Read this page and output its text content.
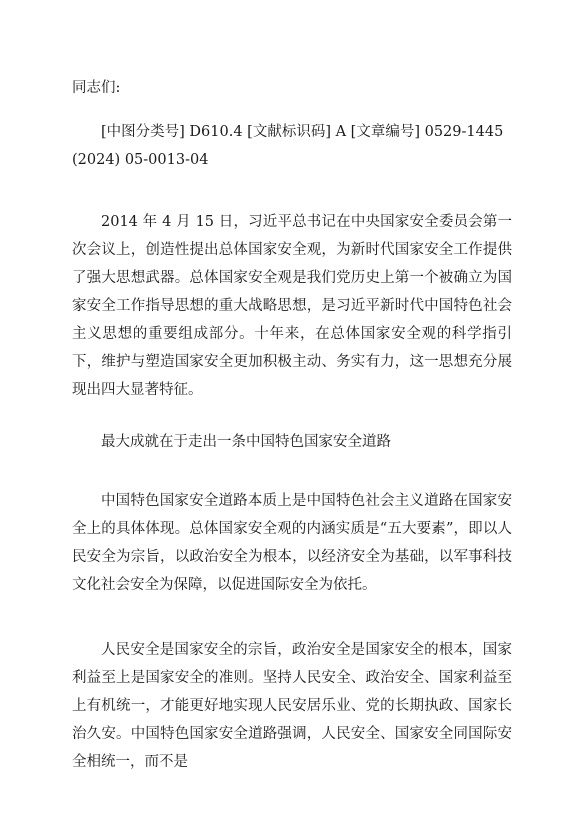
同志们:
[中图分类号] D610.4 [文献标识码] A [文章编号] 0529-1445 (2024) 05-0013-04
2014 年 4 月 15 日，习近平总书记在中央国家安全委员会第一次会议上，创造性提出总体国家安全观，为新时代国家安全工作提供了强大思想武器。总体国家安全观是我们党历史上第一个被确立为国家安全工作指导思想的重大战略思想，是习近平新时代中国特色社会主义思想的重要组成部分。十年来，在总体国家安全观的科学指引下，维护与塑造国家安全更加积极主动、务实有力，这一思想充分展现出四大显著特征。
最大成就在于走出一条中国特色国家安全道路
中国特色国家安全道路本质上是中国特色社会主义道路在国家安全上的具体体现。总体国家安全观的内涵实质是“五大要素”，即以人民安全为宗旨，以政治安全为根本，以经济安全为基础，以军事科技文化社会安全为保障，以促进国际安全为依托。
人民安全是国家安全的宗旨，政治安全是国家安全的根本，国家利益至上是国家安全的准则。坚持人民安全、政治安全、国家利益至上有机统一，才能更好地实现人民安居乐业、党的长期执政、国家长治久安。中国特色国家安全道路强调，人民安全、国家安全同国际安全相统一，而不是
